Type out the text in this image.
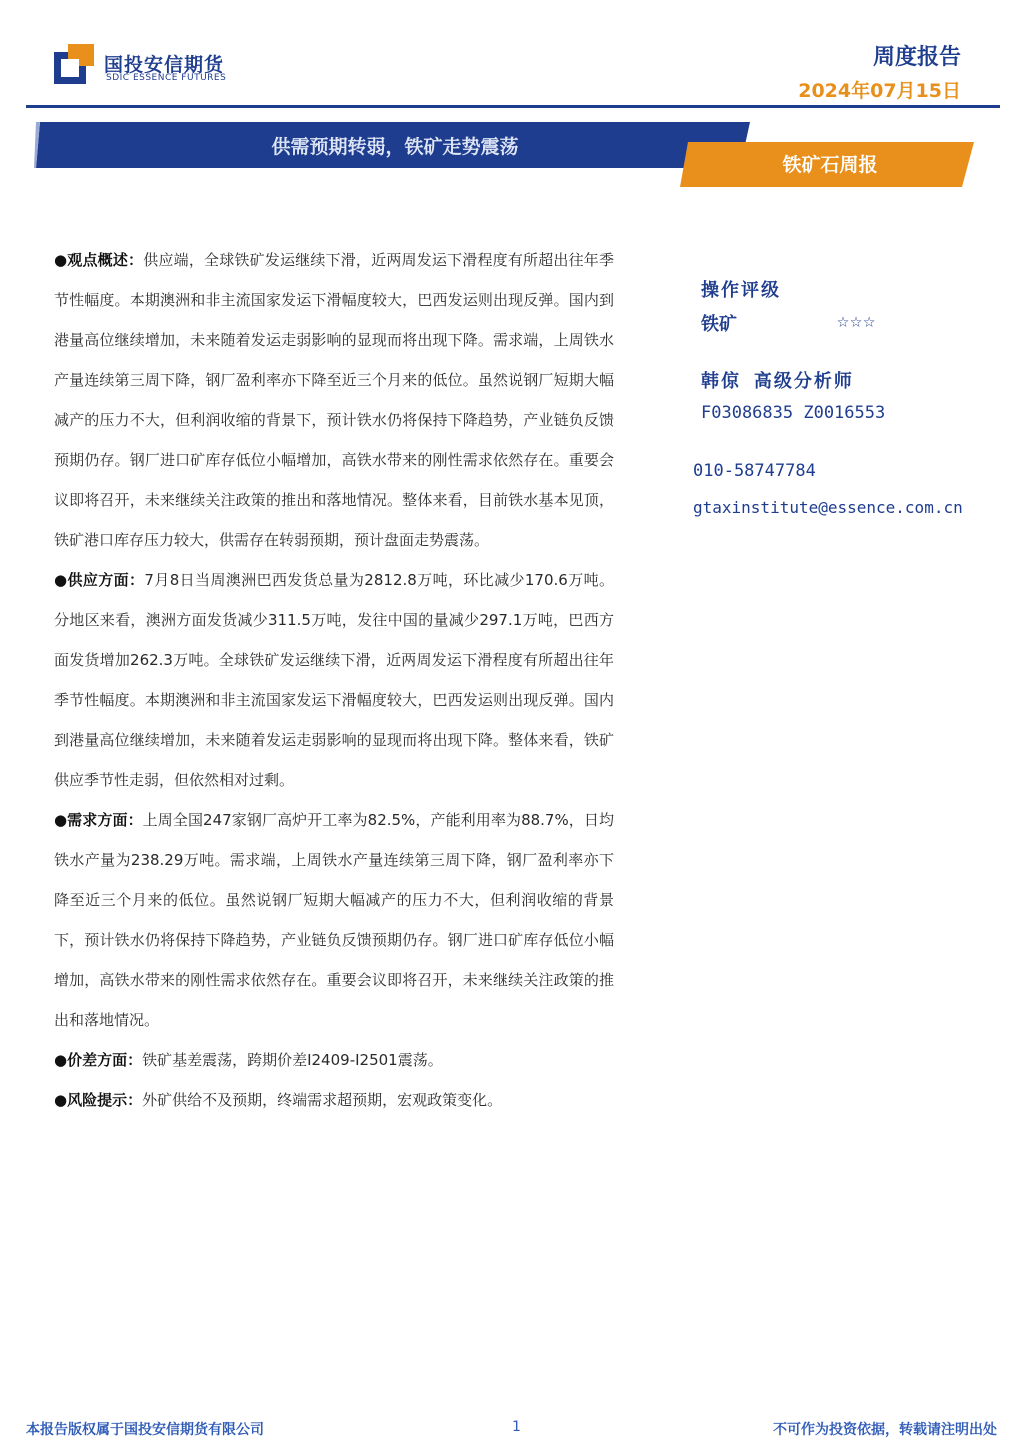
国投安信期货
SDIC ESSENCE FUTURES
周度报告
2024年07月15日
供需预期转弱，铁矿走势震荡
铁矿石周报

●观点概述：供应端，全球铁矿发运继续下滑，近两周发运下滑程度有所超出往年季节性幅度。本期澳洲和非主流国家发运下滑幅度较大，巴西发运则出现反弹。国内到港量高位继续增加，未来随着发运走弱影响的显现而将出现下降。需求端，上周铁水产量连续第三周下降，钢厂盈利率亦下降至近三个月来的低位。虽然说钢厂短期大幅减产的压力不大，但利润收缩的背景下，预计铁水仍将保持下降趋势，产业链负反馈预期仍存。钢厂进口矿库存低位小幅增加，高铁水带来的刚性需求依然存在。重要会议即将召开，未来继续关注政策的推出和落地情况。整体来看，目前铁水基本见顶，铁矿港口库存压力较大，供需存在转弱预期，预计盘面走势震荡。

●供应方面：7月8日当周澳洲巴西发货总量为2812.8万吨，环比减少170.6万吨。分地区来看，澳洲方面发货减少311.5万吨，发往中国的量减少297.1万吨，巴西方面发货增加262.3万吨。全球铁矿发运继续下滑，近两周发运下滑程度有所超出往年季节性幅度。本期澳洲和非主流国家发运下滑幅度较大，巴西发运则出现反弹。国内到港量高位继续增加，未来随着发运走弱影响的显现而将出现下降。整体来看，铁矿供应季节性走弱，但依然相对过剩。

●需求方面：上周全国247家钢厂高炉开工率为82.5%，产能利用率为88.7%，日均铁水产量为238.29万吨。需求端，上周铁水产量连续第三周下降，钢厂盈利率亦下降至近三个月来的低位。虽然说钢厂短期大幅减产的压力不大，但利润收缩的背景下，预计铁水仍将保持下降趋势，产业链负反馈预期仍存。钢厂进口矿库存低位小幅增加，高铁水带来的刚性需求依然存在。重要会议即将召开，未来继续关注政策的推出和落地情况。

●价差方面：铁矿基差震荡，跨期价差I2409-I2501震荡。

●风险提示：外矿供给不及预期，终端需求超预期，宏观政策变化。

操作评级
铁矿	☆☆☆
韩倞 高级分析师
F03086835 Z0016553
010-58747784
gtaxinstitute@essence.com.cn
本报告版权属于国投安信期货有限公司	1	不可作为投资依据，转载请注明出处
